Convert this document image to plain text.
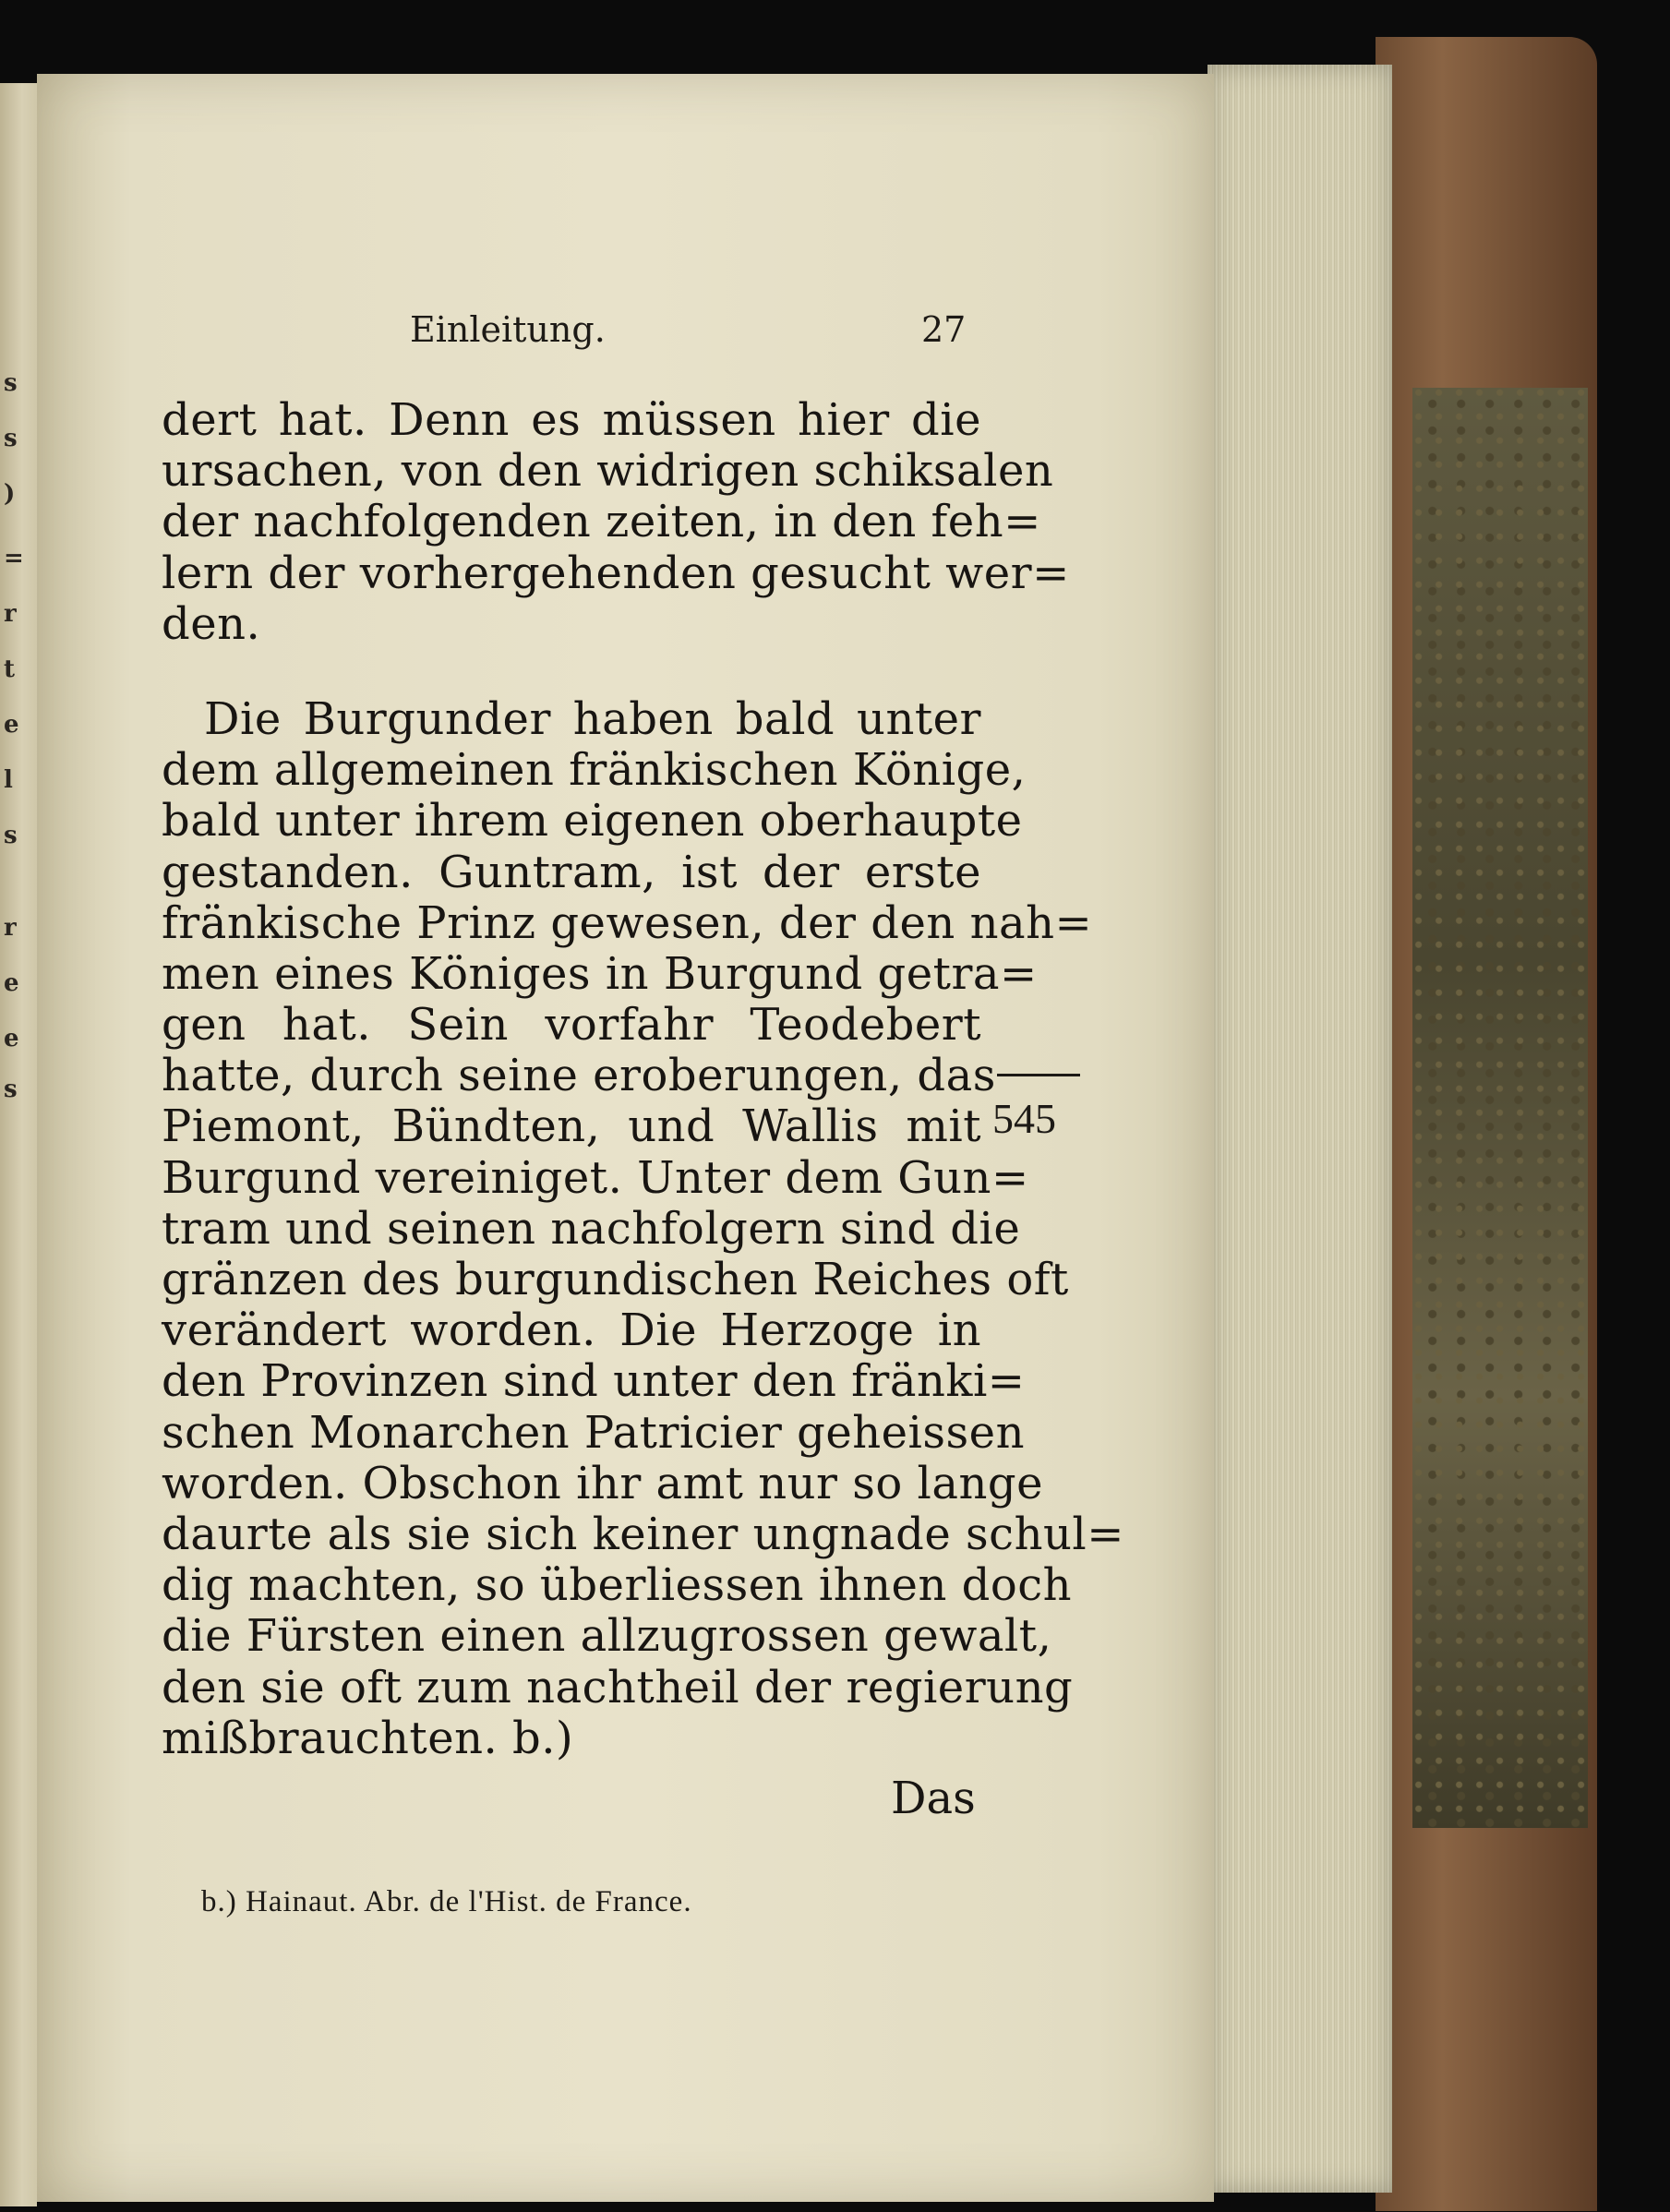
s
s
)
=
r
t
e
l
s
r
e
e
s
Einleitung.	27
dert hat. Denn es müssen hier die
ursachen, von den widrigen schiksalen
der nachfolgenden zeiten, in den feh=
lern der vorhergehenden gesucht wer=
den.
Die Burgunder haben bald unter
dem allgemeinen fränkischen Könige,
bald unter ihrem eigenen oberhaupte
gestanden. Guntram, ist der erste
fränkische Prinz gewesen, der den nah=
men eines Königes in Burgund getra=
gen hat. Sein vorfahr Teodebert
hatte, durch seine eroberungen, das
Piemont, Bündten, und Wallis mit
Burgund vereiniget. Unter dem Gun=
tram und seinen nachfolgern sind die
gränzen des burgundischen Reiches oft
verändert worden. Die Herzoge in
den Provinzen sind unter den fränki=
schen Monarchen Patricier geheissen
worden. Obschon ihr amt nur so lange
daurte als sie sich keiner ungnade schul=
dig machten, so überliessen ihnen doch
die Fürsten einen allzugrossen gewalt,
den sie oft zum nachtheil der regierung
mißbrauchten. b.)
545
Das
b.) Hainaut. Abr. de l'Hist. de France.
